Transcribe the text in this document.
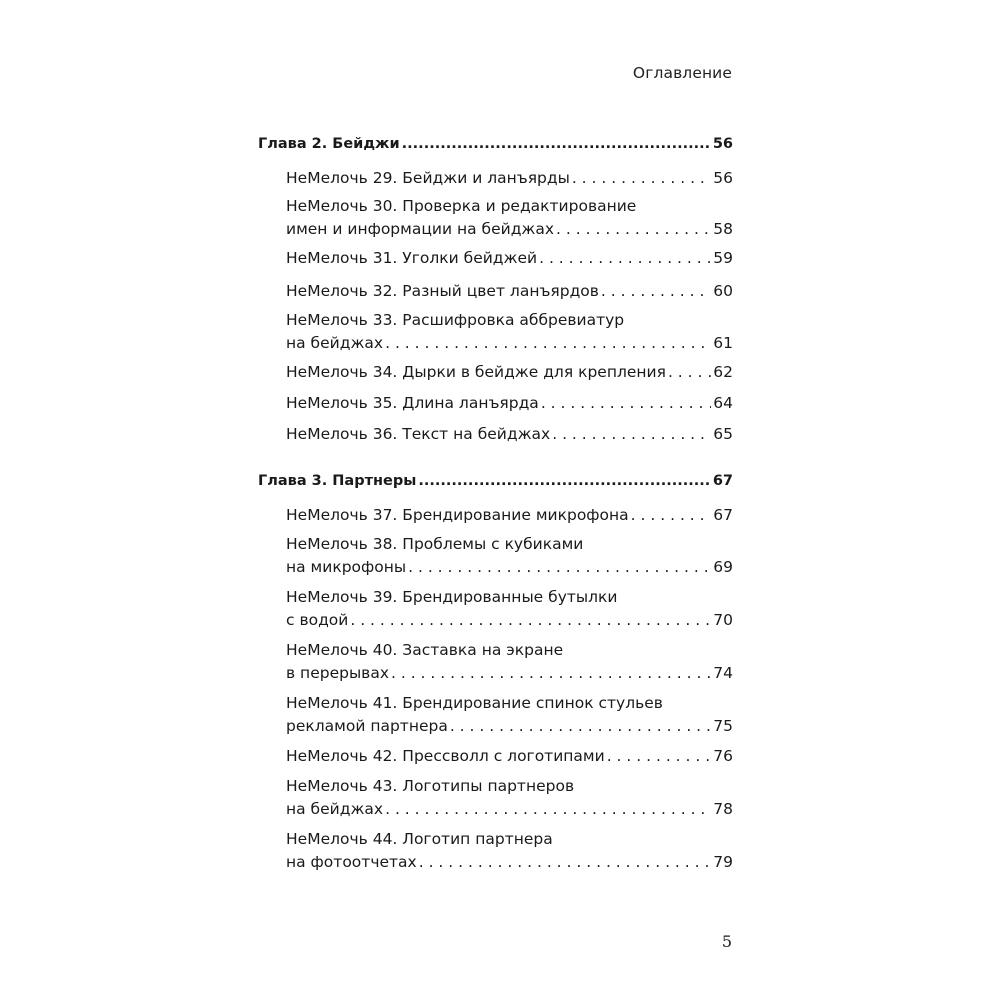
Оглавление
Глава 2. Бейджи .....	56
НеМелочь 29. Бейджи и ланъярды . . .	56
НеМелочь 30. Проверка и редактирование
имен и информации на бейджах . . .	58
НеМелочь 31. Уголки бейджей . . .	59
НеМелочь 32. Разный цвет ланъярдов . . .	60
НеМелочь 33. Расшифровка аббревиатур
на бейджах . . .	61
НеМелочь 34. Дырки в бейдже для крепления . . .	62
НеМелочь 35. Длина ланъярда . . .	64
НеМелочь 36. Текст на бейджах . . .	65
Глава 3. Партнеры .....	67
НеМелочь 37. Брендирование микрофона . . .	67
НеМелочь 38. Проблемы с кубиками
на микрофоны . . .	69
НеМелочь 39. Брендированные бутылки
с водой . . .	70
НеМелочь 40. Заставка на экране
в перерывах . . .	74
НеМелочь 41. Брендирование спинок стульев
рекламой партнера . . .	75
НеМелочь 42. Прессволл с логотипами . . .	76
НеМелочь 43. Логотипы партнеров
на бейджах . . .	78
НеМелочь 44. Логотип партнера
на фотоотчетах . . .	79
5
